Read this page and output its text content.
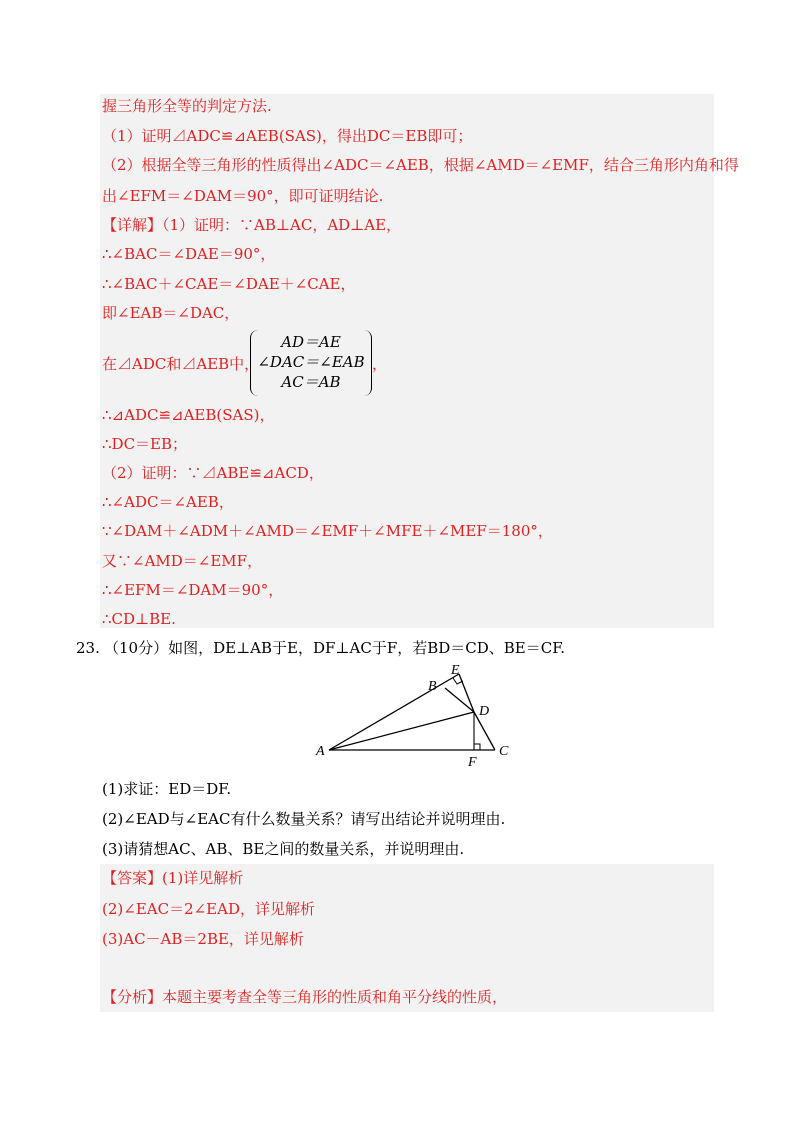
握三角形全等的判定方法.
（1）证明⊿ADC≌⊿AEB(SAS)，得出DC＝EB即可；
（2）根据全等三角形的性质得出∠ADC＝∠AEB，根据∠AMD＝∠EMF，结合三角形内角和得
出∠EFM＝∠DAM＝90°，即可证明结论.
【详解】（1）证明：∵AB⊥AC，AD⊥AE，
∴∠BAC＝∠DAE＝90°，
∴∠BAC＋∠CAE＝∠DAE＋∠CAE，
即∠EAB＝∠DAC，
在⊿ADC和⊿AEB中，
AD＝AE
∠DAC＝∠EAB
AC＝AB
，
∴⊿ADC≌⊿AEB(SAS)，
∴DC＝EB；
（2）证明：∵⊿ABE≌⊿ACD，
∴∠ADC＝∠AEB，
∵∠DAM＋∠ADM＋∠AMD＝∠EMF＋∠MFE＋∠MEF＝180°，
又∵∠AMD＝∠EMF，
∴∠EFM＝∠DAM＝90°，
∴CD⊥BE.
23. （10分）如图，DE⊥AB于E，DF⊥AC于F，若BD＝CD、BE＝CF.
A
B
E
D
C
F
(1)求证：ED＝DF.
(2)∠EAD与∠EAC有什么数量关系？请写出结论并说明理由.
(3)请猜想AC、AB、BE之间的数量关系，并说明理由.
【答案】(1)详见解析
(2)∠EAC＝2∠EAD，详见解析
(3)AC－AB＝2BE，详见解析
【分析】本题主要考查全等三角形的性质和角平分线的性质，
